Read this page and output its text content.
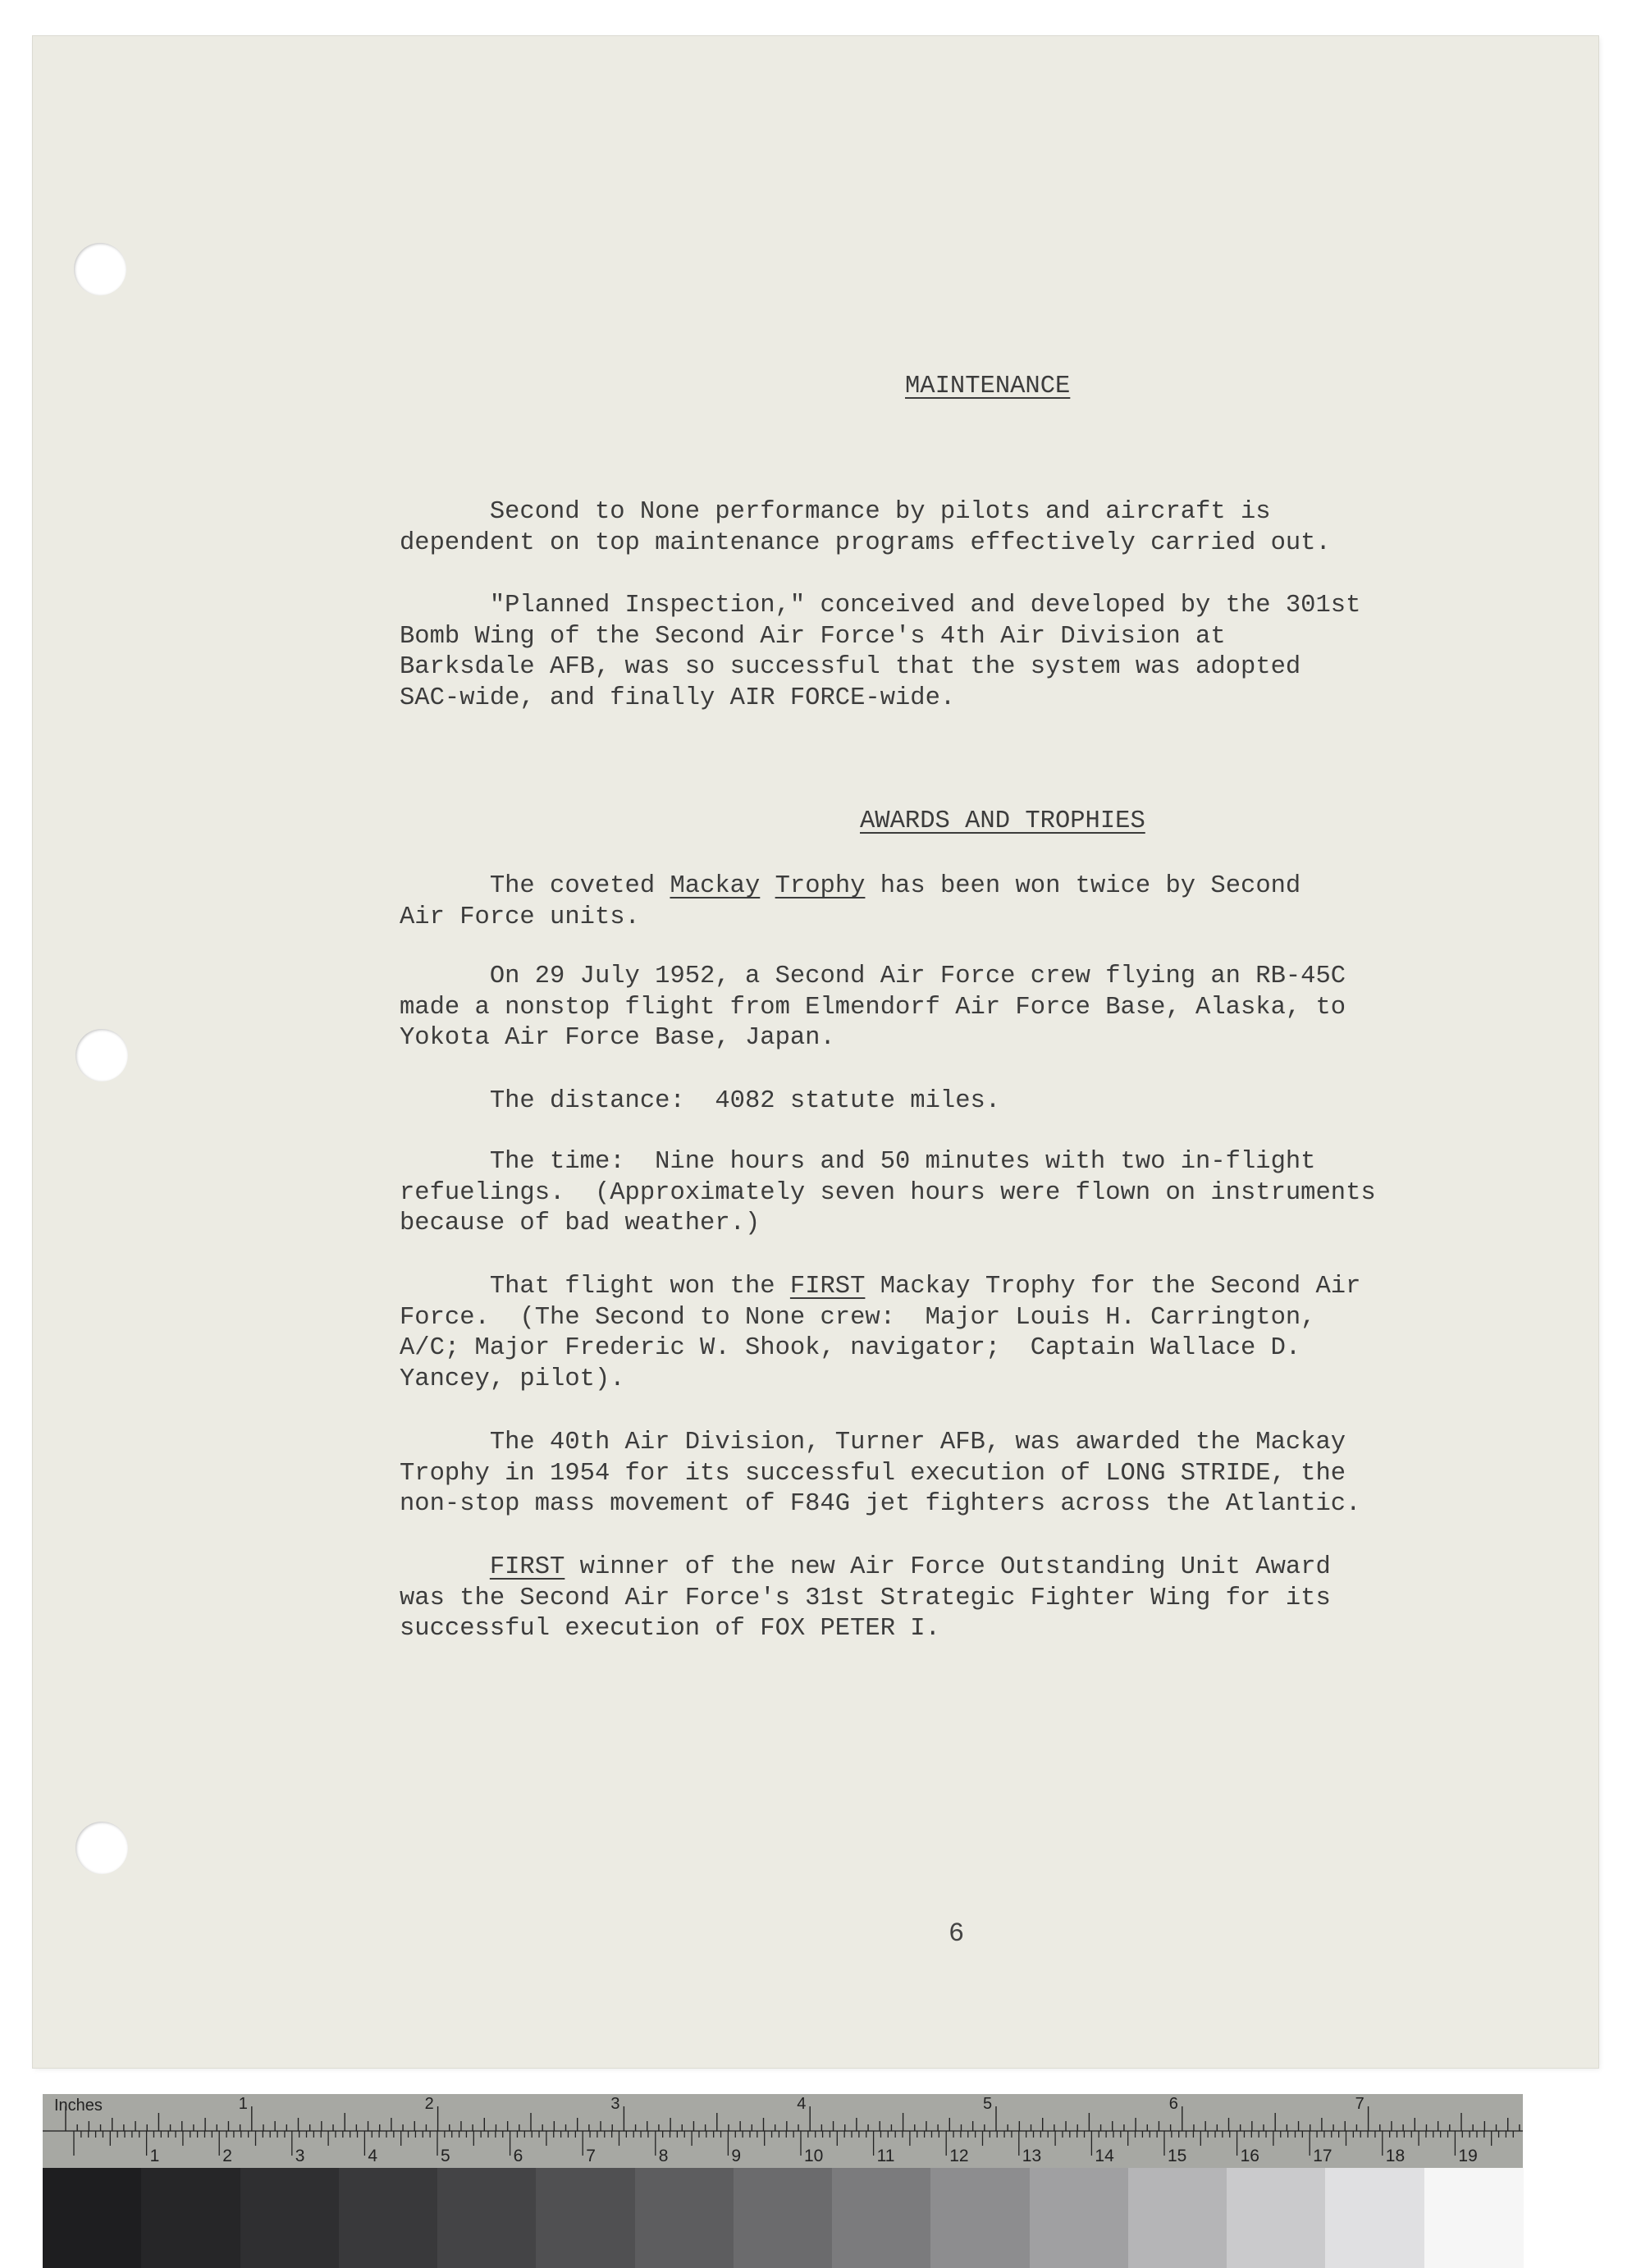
MAINTENANCE
Second to None performance by pilots and aircraft is
dependent on top maintenance programs effectively carried out.
"Planned Inspection," conceived and developed by the 301st
Bomb Wing of the Second Air Force's 4th Air Division at
Barksdale AFB, was so successful that the system was adopted
SAC-wide, and finally AIR FORCE-wide.
AWARDS AND TROPHIES
The coveted Mackay Trophy has been won twice by Second
Air Force units.
On 29 July 1952, a Second Air Force crew flying an RB-45C
made a nonstop flight from Elmendorf Air Force Base, Alaska, to
Yokota Air Force Base, Japan.
The distance:  4082 statute miles.
The time:  Nine hours and 50 minutes with two in-flight
refuelings.  (Approximately seven hours were flown on instruments
because of bad weather.)
That flight won the FIRST Mackay Trophy for the Second Air
Force.  (The Second to None crew:  Major Louis H. Carrington,
A/C; Major Frederic W. Shook, navigator;  Captain Wallace D.
Yancey, pilot).
The 40th Air Division, Turner AFB, was awarded the Mackay
Trophy in 1954 for its successful execution of LONG STRIDE, the
non-stop mass movement of F84G jet fighters across the Atlantic.
FIRST winner of the new Air Force Outstanding Unit Award
was the Second Air Force's 31st Strategic Fighter Wing for its
successful execution of FOX PETER I.
6
Inches	1	2	3	4	5	6	7
1	2	3	4	5	6	7	8	9	10	11	12	13	14	15	16	17	18	19
